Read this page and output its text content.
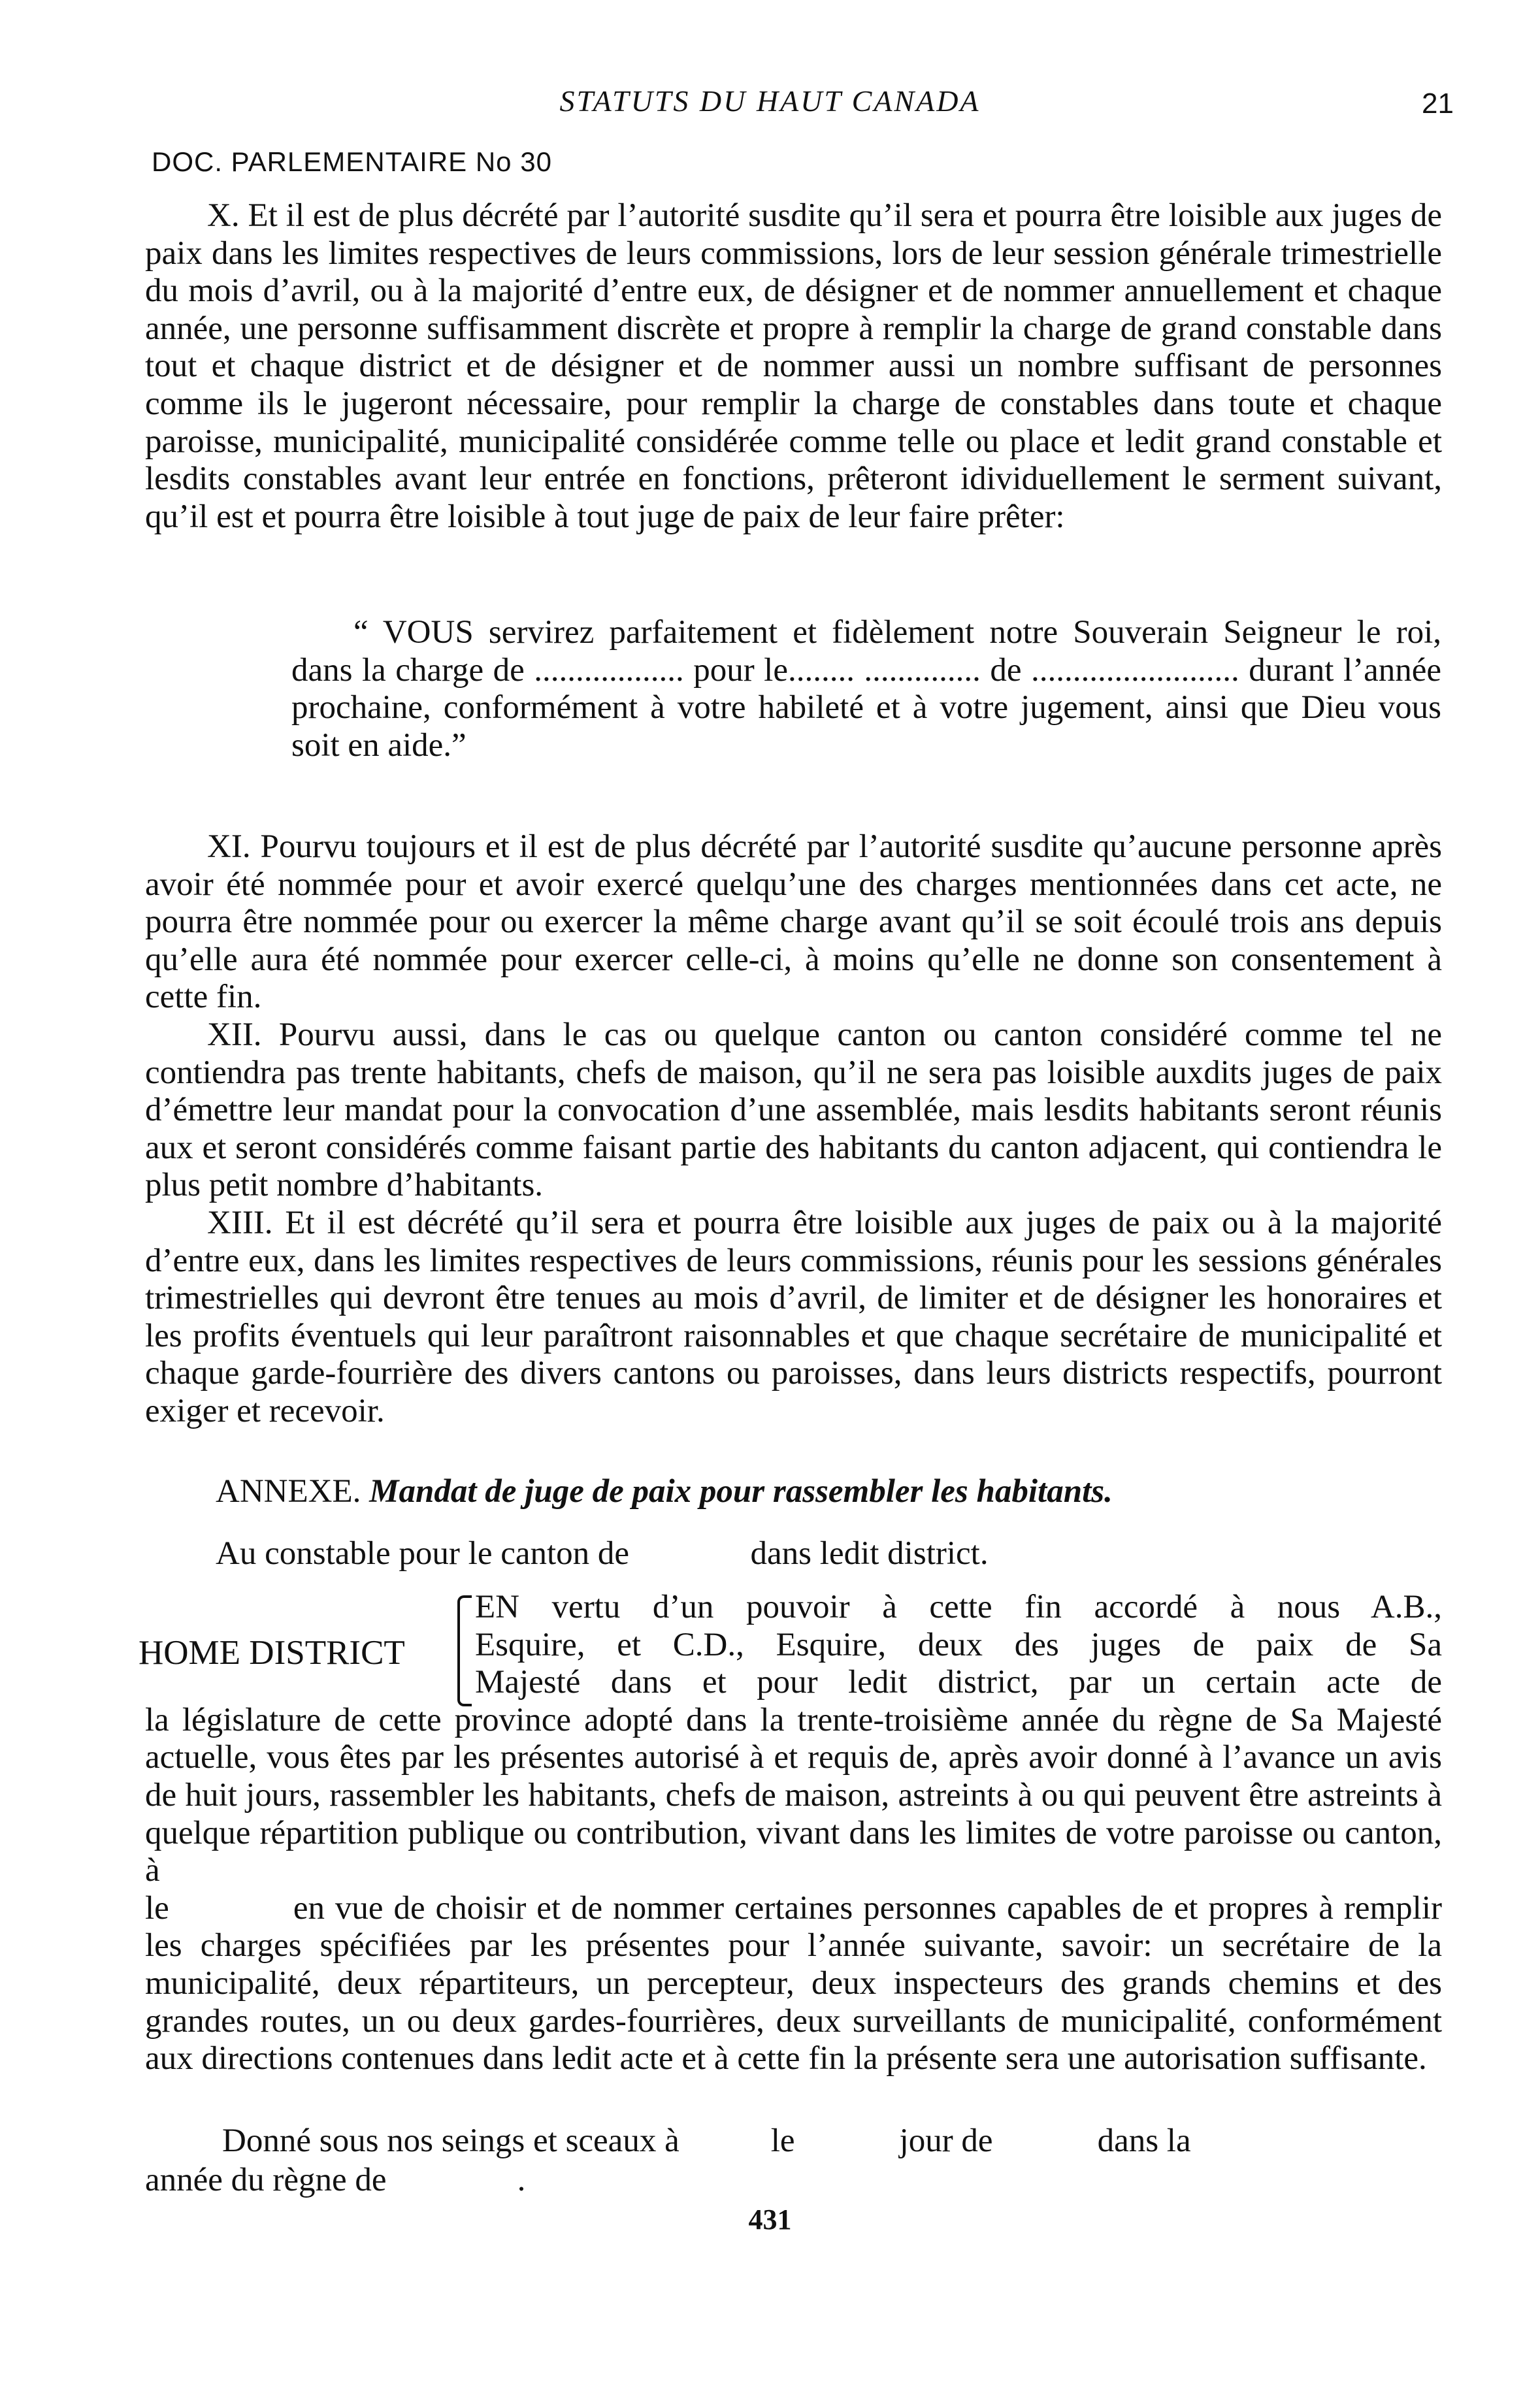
STATUTS DU HAUT CANADA	21
DOC. PARLEMENTAIRE No 30

X. Et il est de plus décrété par l’autorité susdite qu’il sera et pourra être loisible aux juges de paix dans les limites respectives de leurs commissions, lors de leur session générale trimestrielle du mois d’avril, ou à la majorité d’entre eux, de désigner et de nommer annuellement et chaque année, une personne suffisamment discrète et propre à remplir la charge de grand constable dans tout et chaque district et de désigner et de nommer aussi un nombre suffisant de personnes comme ils le jugeront nécessaire, pour remplir la charge de constables dans toute et chaque paroisse, municipalité, municipalité considérée comme telle ou place et ledit grand constable et lesdits constables avant leur entrée en fonctions, prêteront idividuellement le serment suivant, qu’il est et pourra être loisible à tout juge de paix de leur faire prêter:

“ VOUS servirez parfaitement et fidèlement notre Souverain Seigneur le roi, dans la charge de .................. pour le........ .............. de ......................... durant l’année prochaine, conformément à votre habileté et à votre jugement, ainsi que Dieu vous soit en aide.”

XI. Pourvu toujours et il est de plus décrété par l’autorité susdite qu’aucune personne après avoir été nommée pour et avoir exercé quelqu’une des charges mentionnées dans cet acte, ne pourra être nommée pour ou exercer la même charge avant qu’il se soit écoulé trois ans depuis qu’elle aura été nommée pour exercer celle-ci, à moins qu’elle ne donne son consentement à cette fin.

XII. Pourvu aussi, dans le cas ou quelque canton ou canton considéré comme tel ne contiendra pas trente habitants, chefs de maison, qu’il ne sera pas loisible auxdits juges de paix d’émettre leur mandat pour la convocation d’une assemblée, mais lesdits habitants seront réunis aux et seront considérés comme faisant partie des habitants du canton adjacent, qui contiendra le plus petit nombre d’habitants.

XIII. Et il est décrété qu’il sera et pourra être loisible aux juges de paix ou à la majorité d’entre eux, dans les limites respectives de leurs commissions, réunis pour les sessions générales trimestrielles qui devront être tenues au mois d’avril, de limiter et de désigner les honoraires et les profits éventuels qui leur paraîtront raisonnables et que chaque secrétaire de municipalité et chaque garde-fourrière des divers cantons ou paroisses, dans leurs districts respectifs, pourront exiger et recevoir.

ANNEXE. Mandat de juge de paix pour rassembler les habitants.
Au constable pour le canton de	dans ledit district.
HOME DISTRICT
EN vertu d’un pouvoir à cette fin accordé à nous A.B.,
Esquire, et C.D., Esquire, deux des juges de paix de Sa
Majesté dans et pour ledit district, par un certain acte de
la législature de cette province adopté dans la trente-troisième année du règne de Sa Majesté actuelle, vous êtes par les présentes autorisé à et requis de, après avoir donné à l’avance un avis de huit jours, rassembler les habitants, chefs de maison, astreints à ou qui peuvent être astreints à quelque répartition publique ou contribution, vivant dans les limites de votre paroisse ou canton, à
le	en vue de choisir et de nommer certaines personnes capables de et propres à remplir les charges spécifiées par les présentes pour l’année suivante, savoir: un secrétaire de la municipalité, deux répartiteurs, un percepteur, deux inspecteurs des grands chemins et des grandes routes, un ou deux gardes-fourrières, deux surveillants de municipalité, conformément aux directions contenues dans ledit acte et à cette fin la présente sera une autorisation suffisante.
Donné sous nos seings et sceaux à	le	jour de	dans la
année du règne de	.
431
